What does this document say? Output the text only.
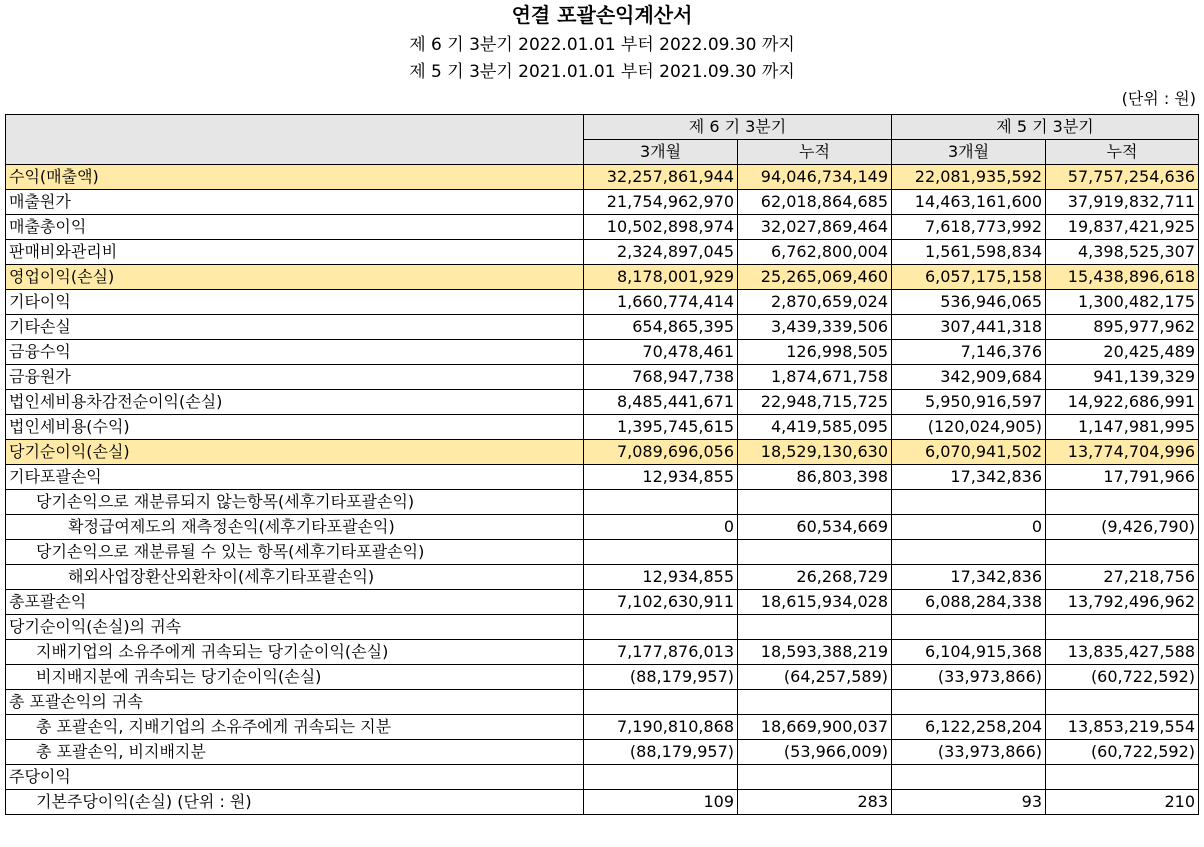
연결 포괄손익계산서
제 6 기 3분기 2022.01.01 부터 2022.09.30 까지
제 5 기 3분기 2021.01.01 부터 2021.09.30 까지
(단위 : 원)
	제 6 기 3분기		제 5 기 3분기	
	3개월	누적	3개월	누적
수익(매출액)	32,257,861,944	94,046,734,149	22,081,935,592	57,757,254,636
매출원가	21,754,962,970	62,018,864,685	14,463,161,600	37,919,832,711
매출총이익	10,502,898,974	32,027,869,464	7,618,773,992	19,837,421,925
판매비와관리비	2,324,897,045	6,762,800,004	1,561,598,834	4,398,525,307
영업이익(손실)	8,178,001,929	25,265,069,460	6,057,175,158	15,438,896,618
기타이익	1,660,774,414	2,870,659,024	536,946,065	1,300,482,175
기타손실	654,865,395	3,439,339,506	307,441,318	895,977,962
금융수익	70,478,461	126,998,505	7,146,376	20,425,489
금융원가	768,947,738	1,874,671,758	342,909,684	941,139,329
법인세비용차감전순이익(손실)	8,485,441,671	22,948,715,725	5,950,916,597	14,922,686,991
법인세비용(수익)	1,395,745,615	4,419,585,095	(120,024,905)	1,147,981,995
당기순이익(손실)	7,089,696,056	18,529,130,630	6,070,941,502	13,774,704,996
기타포괄손익	12,934,855	86,803,398	17,342,836	17,791,966
당기손익으로 재분류되지 않는항목(세후기타포괄손익)				
확정급여제도의 재측정손익(세후기타포괄손익)	0	60,534,669	0	(9,426,790)
당기손익으로 재분류될 수 있는 항목(세후기타포괄손익)				
해외사업장환산외환차이(세후기타포괄손익)	12,934,855	26,268,729	17,342,836	27,218,756
총포괄손익	7,102,630,911	18,615,934,028	6,088,284,338	13,792,496,962
당기순이익(손실)의 귀속				
지배기업의 소유주에게 귀속되는 당기순이익(손실)	7,177,876,013	18,593,388,219	6,104,915,368	13,835,427,588
비지배지분에 귀속되는 당기순이익(손실)	(88,179,957)	(64,257,589)	(33,973,866)	(60,722,592)
총 포괄손익의 귀속				
총 포괄손익, 지배기업의 소유주에게 귀속되는 지분	7,190,810,868	18,669,900,037	6,122,258,204	13,853,219,554
총 포괄손익, 비지배지분	(88,179,957)	(53,966,009)	(33,973,866)	(60,722,592)
주당이익				
기본주당이익(손실) (단위 : 원)	109	283	93	210
